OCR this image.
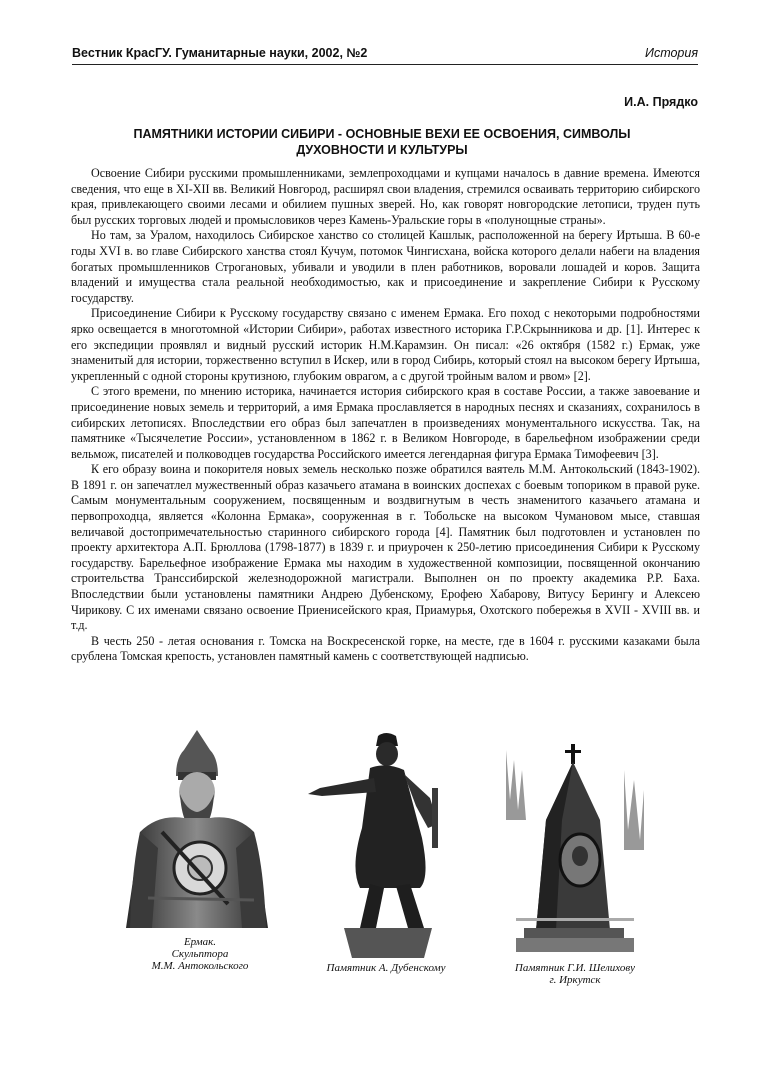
Вестник КрасГУ. Гуманитарные науки, 2002, №2	История
И.А. Прядко
ПАМЯТНИКИ ИСТОРИИ СИБИРИ - ОСНОВНЫЕ ВЕХИ ЕЕ ОСВОЕНИЯ, СИМВОЛЫ ДУХОВНОСТИ И КУЛЬТУРЫ

Освоение Сибири русскими промышленниками, землепроходцами и купцами началось в давние времена. Имеются сведения, что еще в XI-XII вв. Великий Новгород, расширял свои владения, стремился осваивать территорию сибирского края, привлекающего своими лесами и обилием пушных зверей. Но, как говорят новгородские летописи, труден путь был русских торговых людей и промысловиков через Камень-Уральские горы в «полунощные страны».

Но там, за Уралом, находилось Сибирское ханство со столицей Кашлык, расположенной на берегу Иртыша. В 60-е годы XVI в. во главе Сибирского ханства стоял Кучум, потомок Чингисхана, войска которого делали набеги на владения богатых промышленников Строгановых, убивали и уводили в плен работников, воровали лошадей и коров. Защита владений и имущества стала реальной необходимостью, как и присоединение и закрепление Сибири к Русскому государству.

Присоединение Сибири к Русскому государству связано с именем Ермака. Его поход с некоторыми подробностями ярко освещается в многотомной «Истории Сибири», работах известного историка Г.Р.Скрынникова и др. [1]. Интерес к его экспедиции проявлял и видный русский историк Н.М.Карамзин. Он писал: «26 октября (1582 г.) Ермак, уже знаменитый для истории, торжественно вступил в Искер, или в город Сибирь, который стоял на высоком берегу Иртыша, укрепленный с одной стороны крутизною, глубоким оврагом, а с другой тройным валом и рвом» [2].

С этого времени, по мнению историка, начинается история сибирского края в составе России, а также завоевание и присоединение новых земель и территорий, а имя Ермака прославляется в народных песнях и сказаниях, сохранилось в сибирских летописях. Впоследствии его образ был запечатлен в произведениях монументального искусства. Так, на памятнике «Тысячелетие России», установленном в 1862 г. в Великом Новгороде, в барельефном изображении среди вельмож, писателей и полководцев государства Российского имеется легендарная фигура Ермака Тимофеевич [3].

К его образу воина и покорителя новых земель несколько позже обратился ваятель М.М. Антокольский (1843-1902). В 1891 г. он запечатлел мужественный образ казачьего атамана в воинских доспехах с боевым топориком в правой руке. Самым монументальным сооружением, посвященным и воздвигнутым в честь знаменитого казачьего атамана и первопроходца, является «Колонна Ермака», сооруженная в г. Тобольске на высоком Чумановом мысе, ставшая величавой достопримечательностью старинного сибирского города [4]. Памятник был подготовлен и установлен по проекту архитектора А.П. Брюллова (1798-1877) в 1839 г. и приурочен к 250-летию присоединения Сибири к Русскому государству. Барельефное изображение Ермака мы находим в художественной композиции, посвященной окончанию строительства Транссибирской железнодорожной магистрали. Выполнен он по проекту академика Р.Р. Баха. Впоследствии были установлены памятники Андрею Дубенскому, Ерофею Хабарову, Витусу Берингу и Алексею Чирикову. С их именами связано освоение Приенисейского края, Приамурья, Охотского побережья в XVII - XVIII вв. и т.д.

В честь 250 - летая основания г. Томска на Воскресенской горке, на месте, где в 1604 г. русскими казаками была срублена Томская крепость, установлен памятный камень с соответствующей надписью.

Ермак.
Скульптора
М.М. Антокольского	Памятник А. Дубенскому	Памятник Г.И. Шелихову
г. Иркутск
